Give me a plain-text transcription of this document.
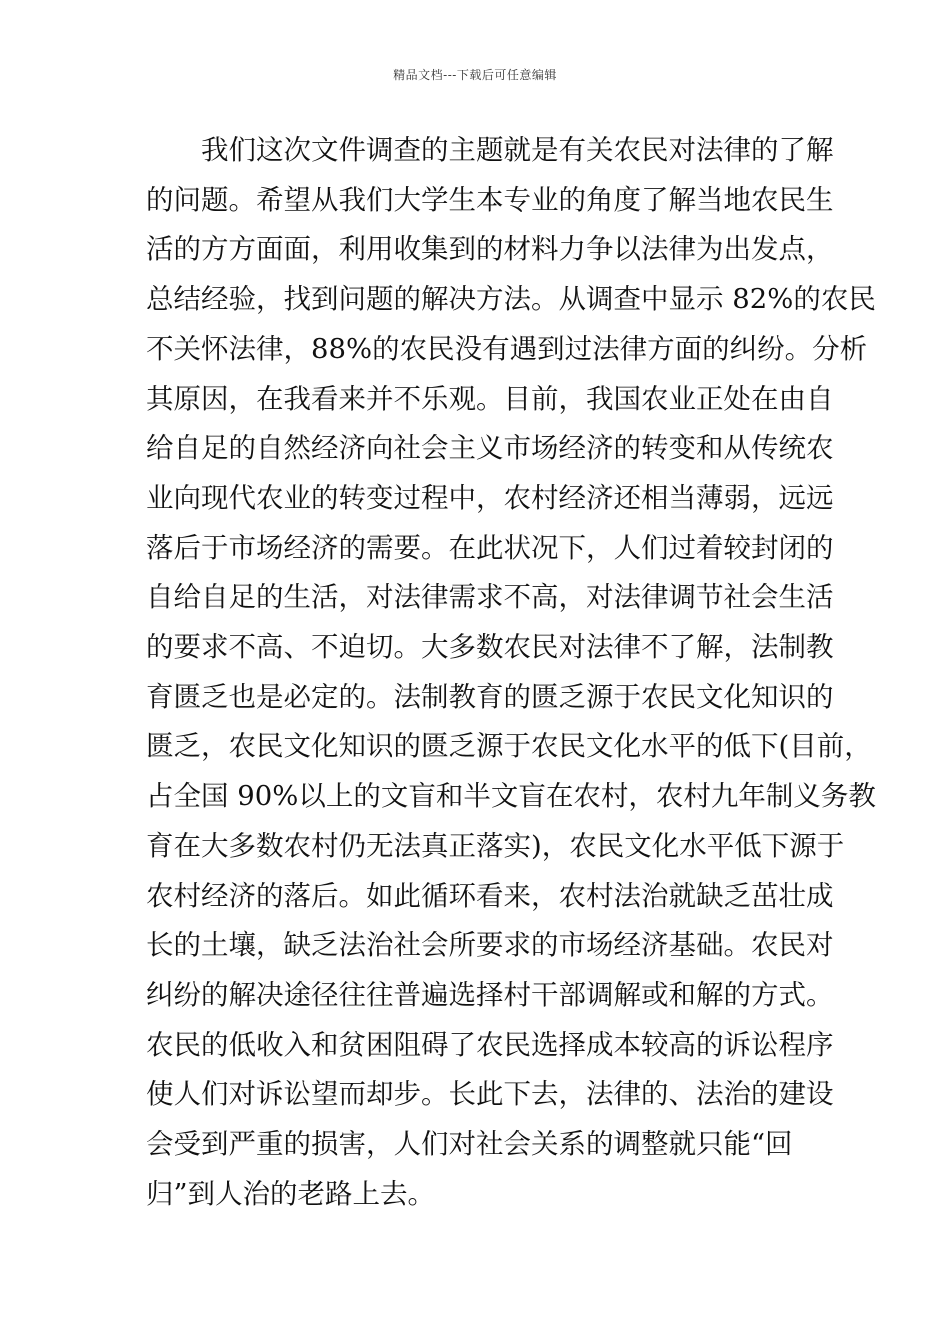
精品文档---下载后可任意编辑
我们这次文件调查的主题就是有关农民对法律的了解
的问题。希望从我们大学生本专业的角度了解当地农民生
活的方方面面，利用收集到的材料力争以法律为出发点，
总结经验，找到问题的解决方法。从调查中显示 82%的农民
不关怀法律，88%的农民没有遇到过法律方面的纠纷。分析
其原因，在我看来并不乐观。目前，我国农业正处在由自
给自足的自然经济向社会主义市场经济的转变和从传统农
业向现代农业的转变过程中，农村经济还相当薄弱，远远
落后于市场经济的需要。在此状况下，人们过着较封闭的
自给自足的生活，对法律需求不高，对法律调节社会生活
的要求不高、不迫切。大多数农民对法律不了解，法制教
育匮乏也是必定的。法制教育的匮乏源于农民文化知识的
匮乏，农民文化知识的匮乏源于农民文化水平的低下(目前，
占全国 90%以上的文盲和半文盲在农村，农村九年制义务教
育在大多数农村仍无法真正落实)，农民文化水平低下源于
农村经济的落后。如此循环看来，农村法治就缺乏茁壮成
长的土壤，缺乏法治社会所要求的市场经济基础。农民对
纠纷的解决途径往往普遍选择村干部调解或和解的方式。
农民的低收入和贫困阻碍了农民选择成本较高的诉讼程序
使人们对诉讼望而却步。长此下去，法律的、法治的建设
会受到严重的损害，人们对社会关系的调整就只能“回
归”到人治的老路上去。
